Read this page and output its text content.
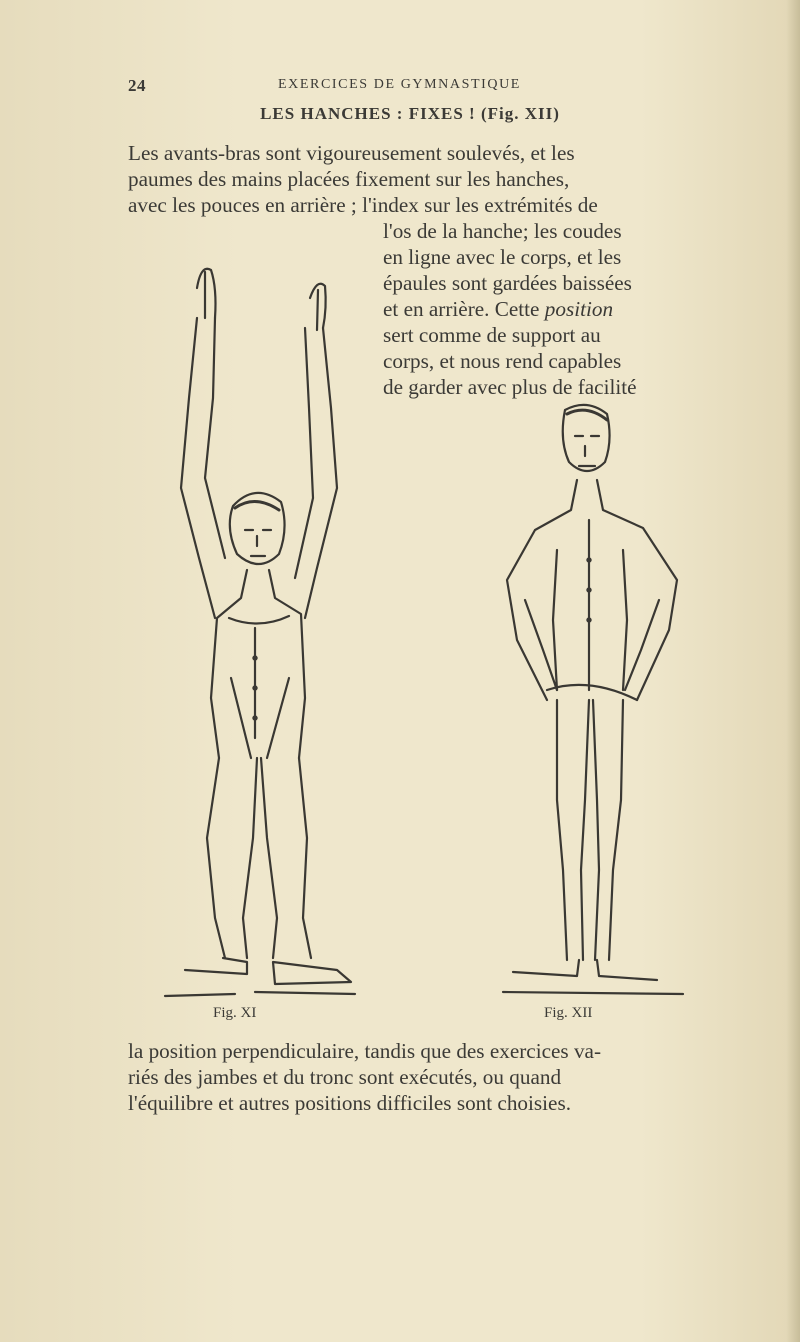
24	EXERCICES DE GYMNASTIQUE
LES HANCHES : FIXES ! (Fig. XII)

Les avants-bras sont vigoureusement soulevés, et les

paumes des mains placées fixement sur les hanches,

avec les pouces en arrière ; l'index sur les extrémités de

l'os de la hanche; les coudes

en ligne avec le corps, et les

épaules sont gardées baissées

et en arrière. Cette position

sert comme de support au

corps, et nous rend capables

de garder avec plus de facilité

Fig. XI	Fig. XII
la position perpendiculaire, tandis que des exercices va-
riés des jambes et du tronc sont exécutés, ou quand
l'équilibre et autres positions difficiles sont choisies.
